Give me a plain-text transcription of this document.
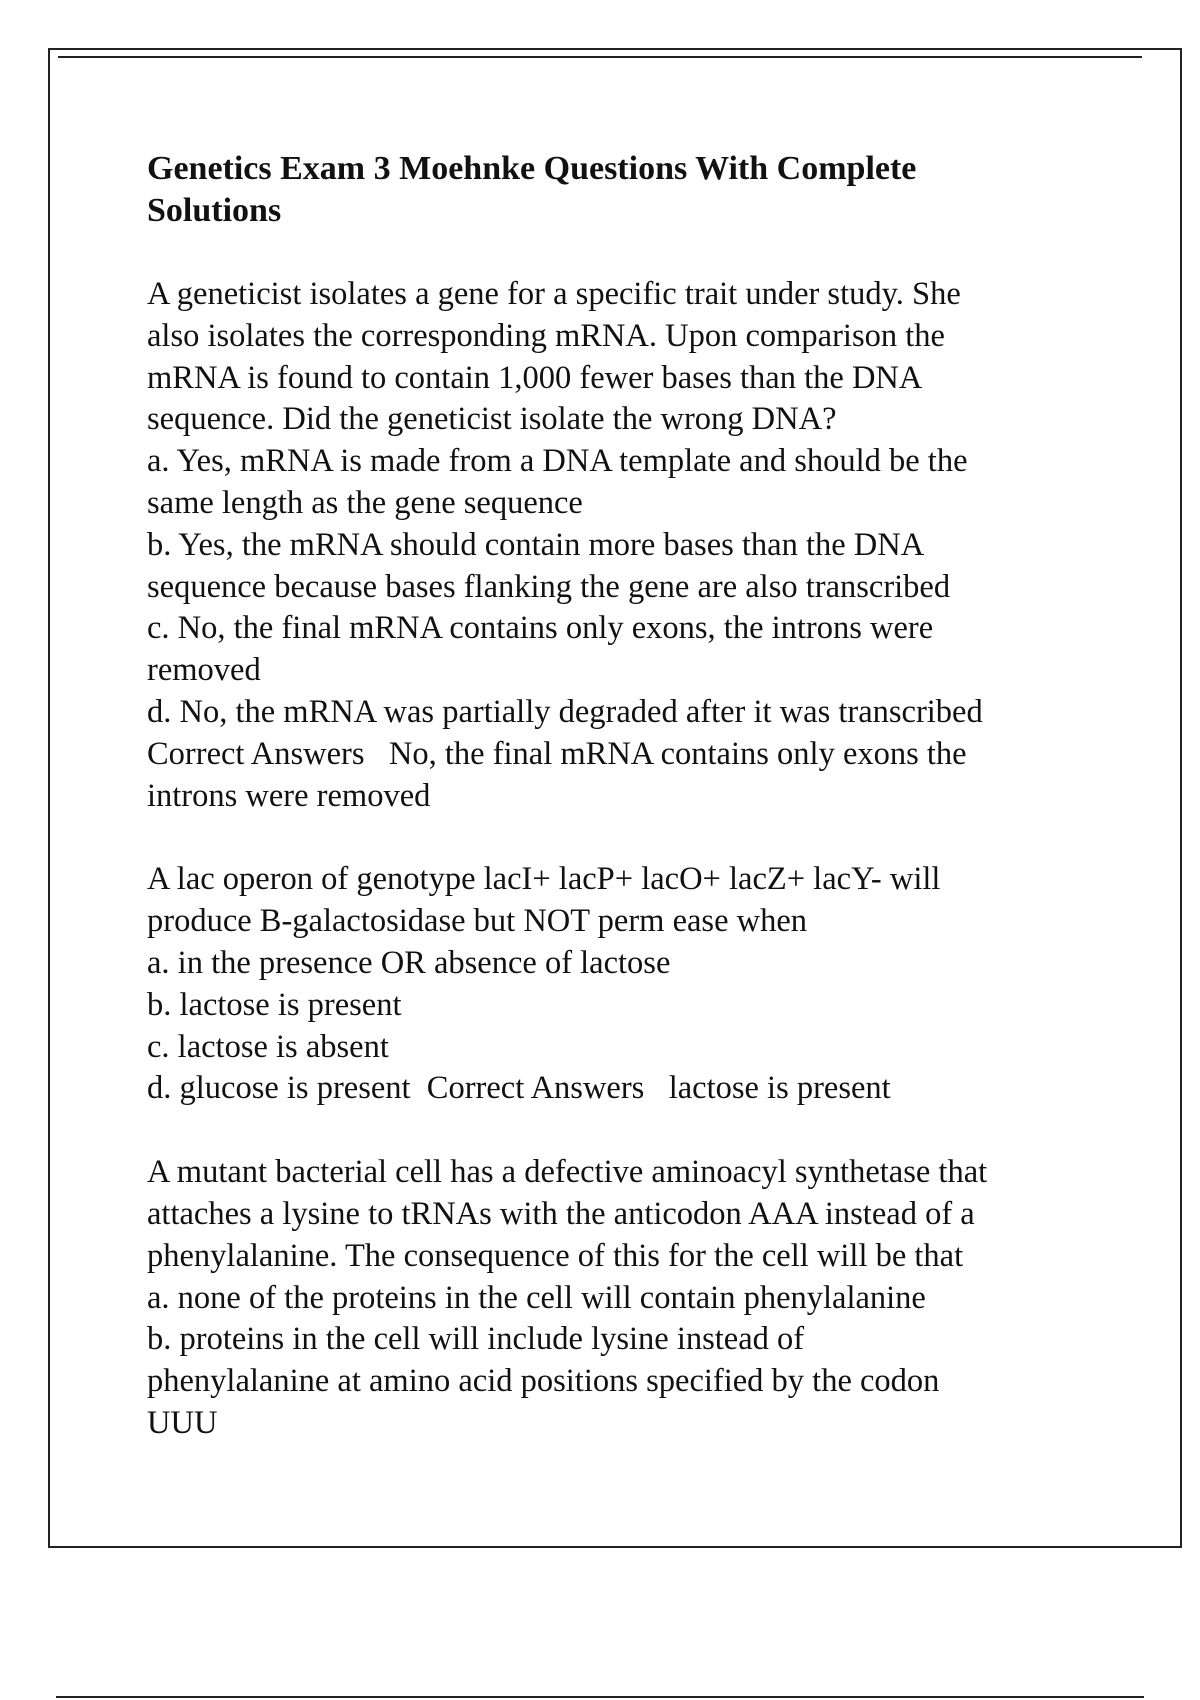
Genetics Exam 3 Moehnke Questions With Complete
Solutions
A geneticist isolates a gene for a specific trait under study. She
also isolates the corresponding mRNA. Upon comparison the
mRNA is found to contain 1,000 fewer bases than the DNA
sequence. Did the geneticist isolate the wrong DNA?
a. Yes, mRNA is made from a DNA template and should be the
same length as the gene sequence
b. Yes, the mRNA should contain more bases than the DNA
sequence because bases flanking the gene are also transcribed
c. No, the final mRNA contains only exons, the introns were
removed
d. No, the mRNA was partially degraded after it was transcribed
Correct Answers   No, the final mRNA contains only exons the
introns were removed
A lac operon of genotype lacI+ lacP+ lacO+ lacZ+ lacY- will
produce B-galactosidase but NOT perm ease when
a. in the presence OR absence of lactose
b. lactose is present
c. lactose is absent
d. glucose is present  Correct Answers   lactose is present
A mutant bacterial cell has a defective aminoacyl synthetase that
attaches a lysine to tRNAs with the anticodon AAA instead of a
phenylalanine. The consequence of this for the cell will be that
a. none of the proteins in the cell will contain phenylalanine
b. proteins in the cell will include lysine instead of
phenylalanine at amino acid positions specified by the codon
UUU
